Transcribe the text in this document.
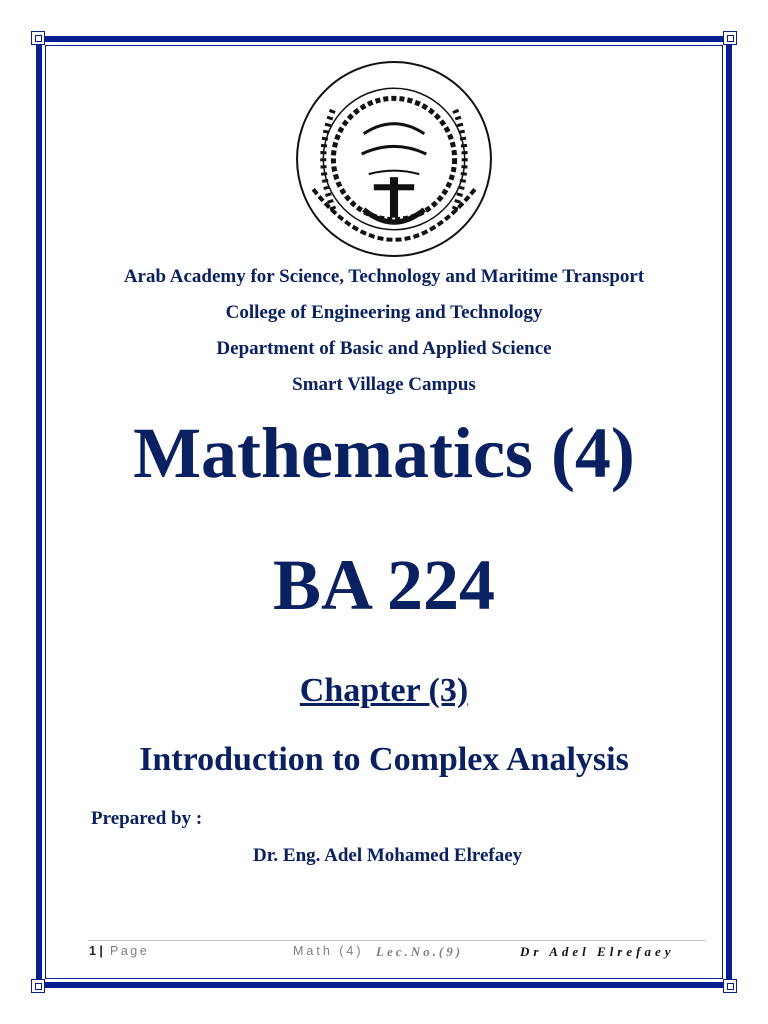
Arab Academy for Science, Technology and Maritime Transport
College of Engineering and Technology
Department of Basic and Applied Science
Smart Village Campus
Mathematics (4)
BA 224
Chapter (3)
Introduction to Complex Analysis
Prepared by :
Dr. Eng. Adel Mohamed Elrefaey
1 | Page	Math (4) Lec.No.(9)	Dr Adel Elrefaey
